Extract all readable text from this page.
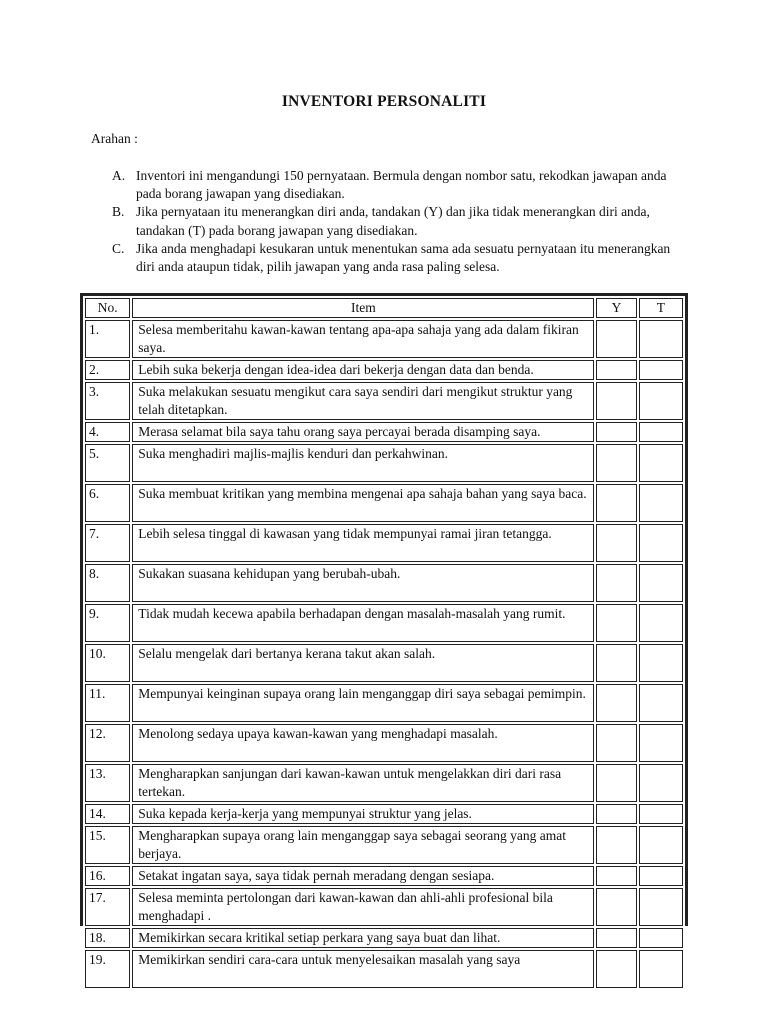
INVENTORI PERSONALITI
Arahan :
A. Inventori ini mengandungi 150 pernyataan. Bermula dengan nombor satu, rekodkan jawapan anda pada borang jawapan yang disediakan.
B. Jika pernyataan itu menerangkan diri anda, tandakan (Y) dan jika tidak menerangkan diri anda, tandakan (T) pada borang jawapan yang disediakan.
C. Jika anda menghadapi kesukaran untuk menentukan sama ada sesuatu pernyataan itu menerangkan diri anda ataupun tidak, pilih jawapan yang anda rasa paling selesa.
No.	Item	Y	T
1.	Selesa memberitahu kawan-kawan tentang apa-apa sahaja yang ada dalam fikiran saya.		
2.	Lebih suka bekerja dengan idea-idea dari bekerja dengan data dan benda.		
3.	Suka melakukan sesuatu mengikut cara saya sendiri dari mengikut struktur yang telah ditetapkan.		
4.	Merasa selamat bila saya tahu orang saya percayai berada disamping saya.		
5.	Suka menghadiri majlis-majlis kenduri dan perkahwinan.		
6.	Suka membuat kritikan yang membina mengenai apa sahaja bahan yang saya baca.		
7.	Lebih selesa tinggal di kawasan yang tidak mempunyai ramai jiran tetangga.		
8.	Sukakan suasana kehidupan yang berubah-ubah.		
9.	Tidak mudah kecewa apabila berhadapan dengan masalah-masalah yang rumit.		
10.	Selalu mengelak dari bertanya kerana takut akan salah.		
11.	Mempunyai keinginan supaya orang lain menganggap diri saya sebagai pemimpin.		
12.	Menolong sedaya upaya kawan-kawan yang menghadapi masalah.		
13.	Mengharapkan sanjungan dari kawan-kawan untuk mengelakkan diri dari rasa tertekan.		
14.	Suka kepada kerja-kerja yang mempunyai struktur yang jelas.		
15.	Mengharapkan supaya orang lain menganggap saya sebagai seorang yang amat berjaya.		
16.	Setakat ingatan saya, saya tidak pernah meradang dengan sesiapa.		
17.	Selesa meminta pertolongan dari kawan-kawan dan ahli-ahli profesional bila menghadapi .		
18.	Memikirkan secara kritikal setiap perkara yang saya buat dan lihat.		
19.	Memikirkan sendiri cara-cara untuk menyelesaikan masalah yang saya		
